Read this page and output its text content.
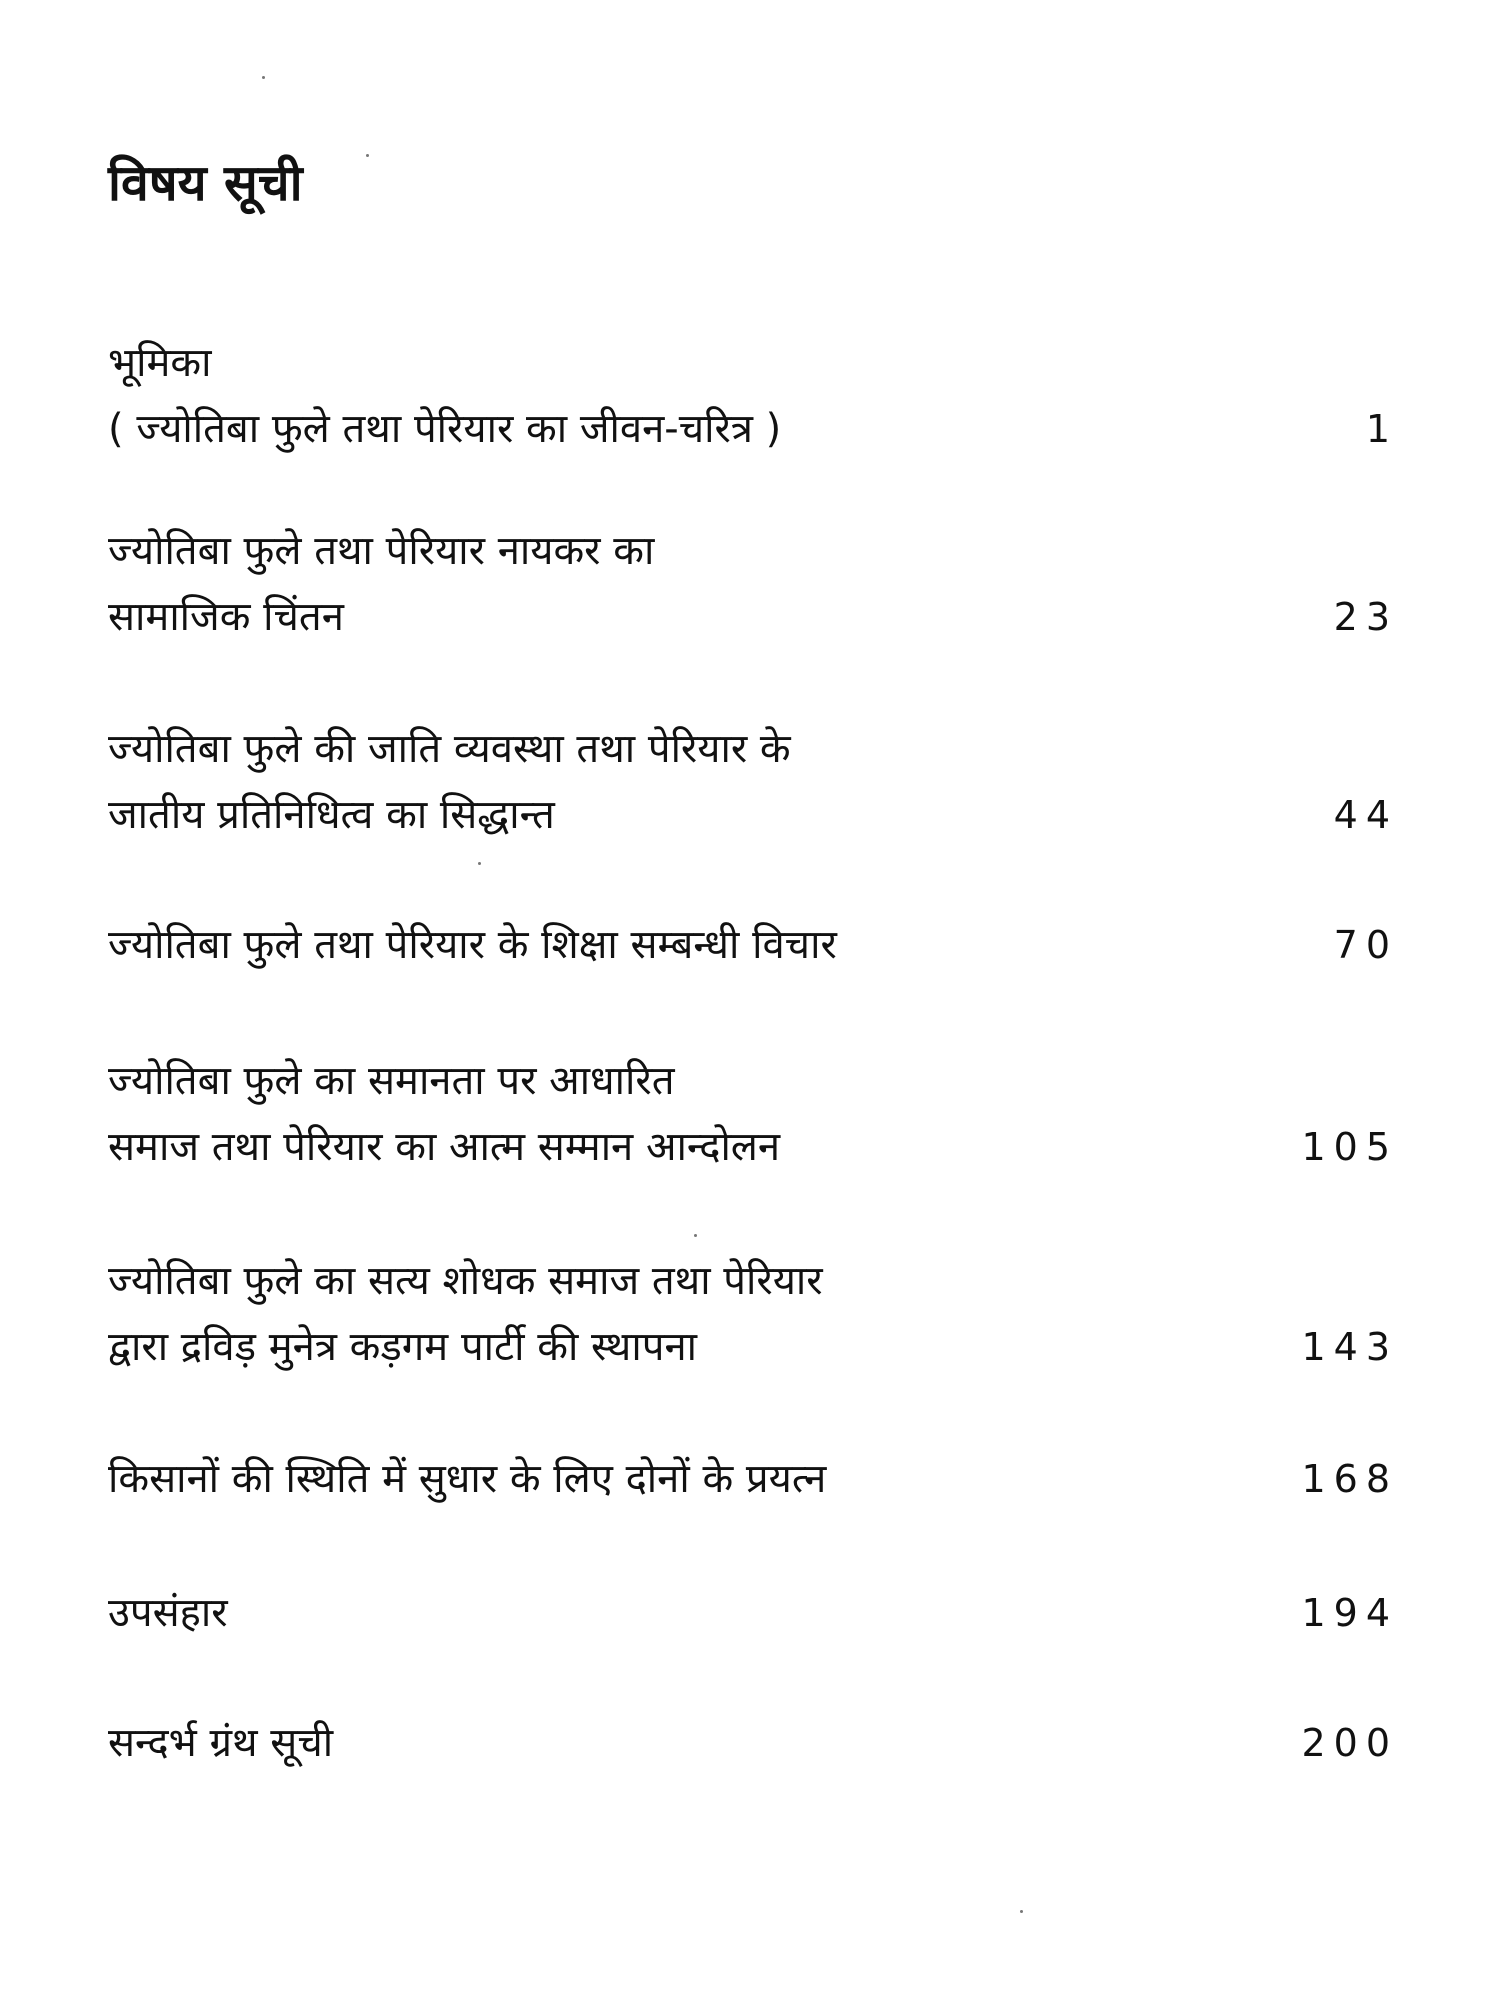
विषय सूची
भूमिका
( ज्योतिबा फुले तथा पेरियार का जीवन-चरित्र )	1
ज्योतिबा फुले तथा पेरियार नायकर का
सामाजिक चिंतन	23
ज्योतिबा फुले की जाति व्यवस्था तथा पेरियार के
जातीय प्रतिनिधित्व का सिद्धान्त	44
ज्योतिबा फुले तथा पेरियार के शिक्षा सम्बन्धी विचार	70
ज्योतिबा फुले का समानता पर आधारित
समाज तथा पेरियार का आत्म सम्मान आन्दोलन	105
ज्योतिबा फुले का सत्य शोधक समाज तथा पेरियार
द्वारा द्रविड़ मुनेत्र कड़गम पार्टी की स्थापना	143
किसानों की स्थिति में सुधार के लिए दोनों के प्रयत्न	168
उपसंहार	194
सन्दर्भ ग्रंथ सूची	200
